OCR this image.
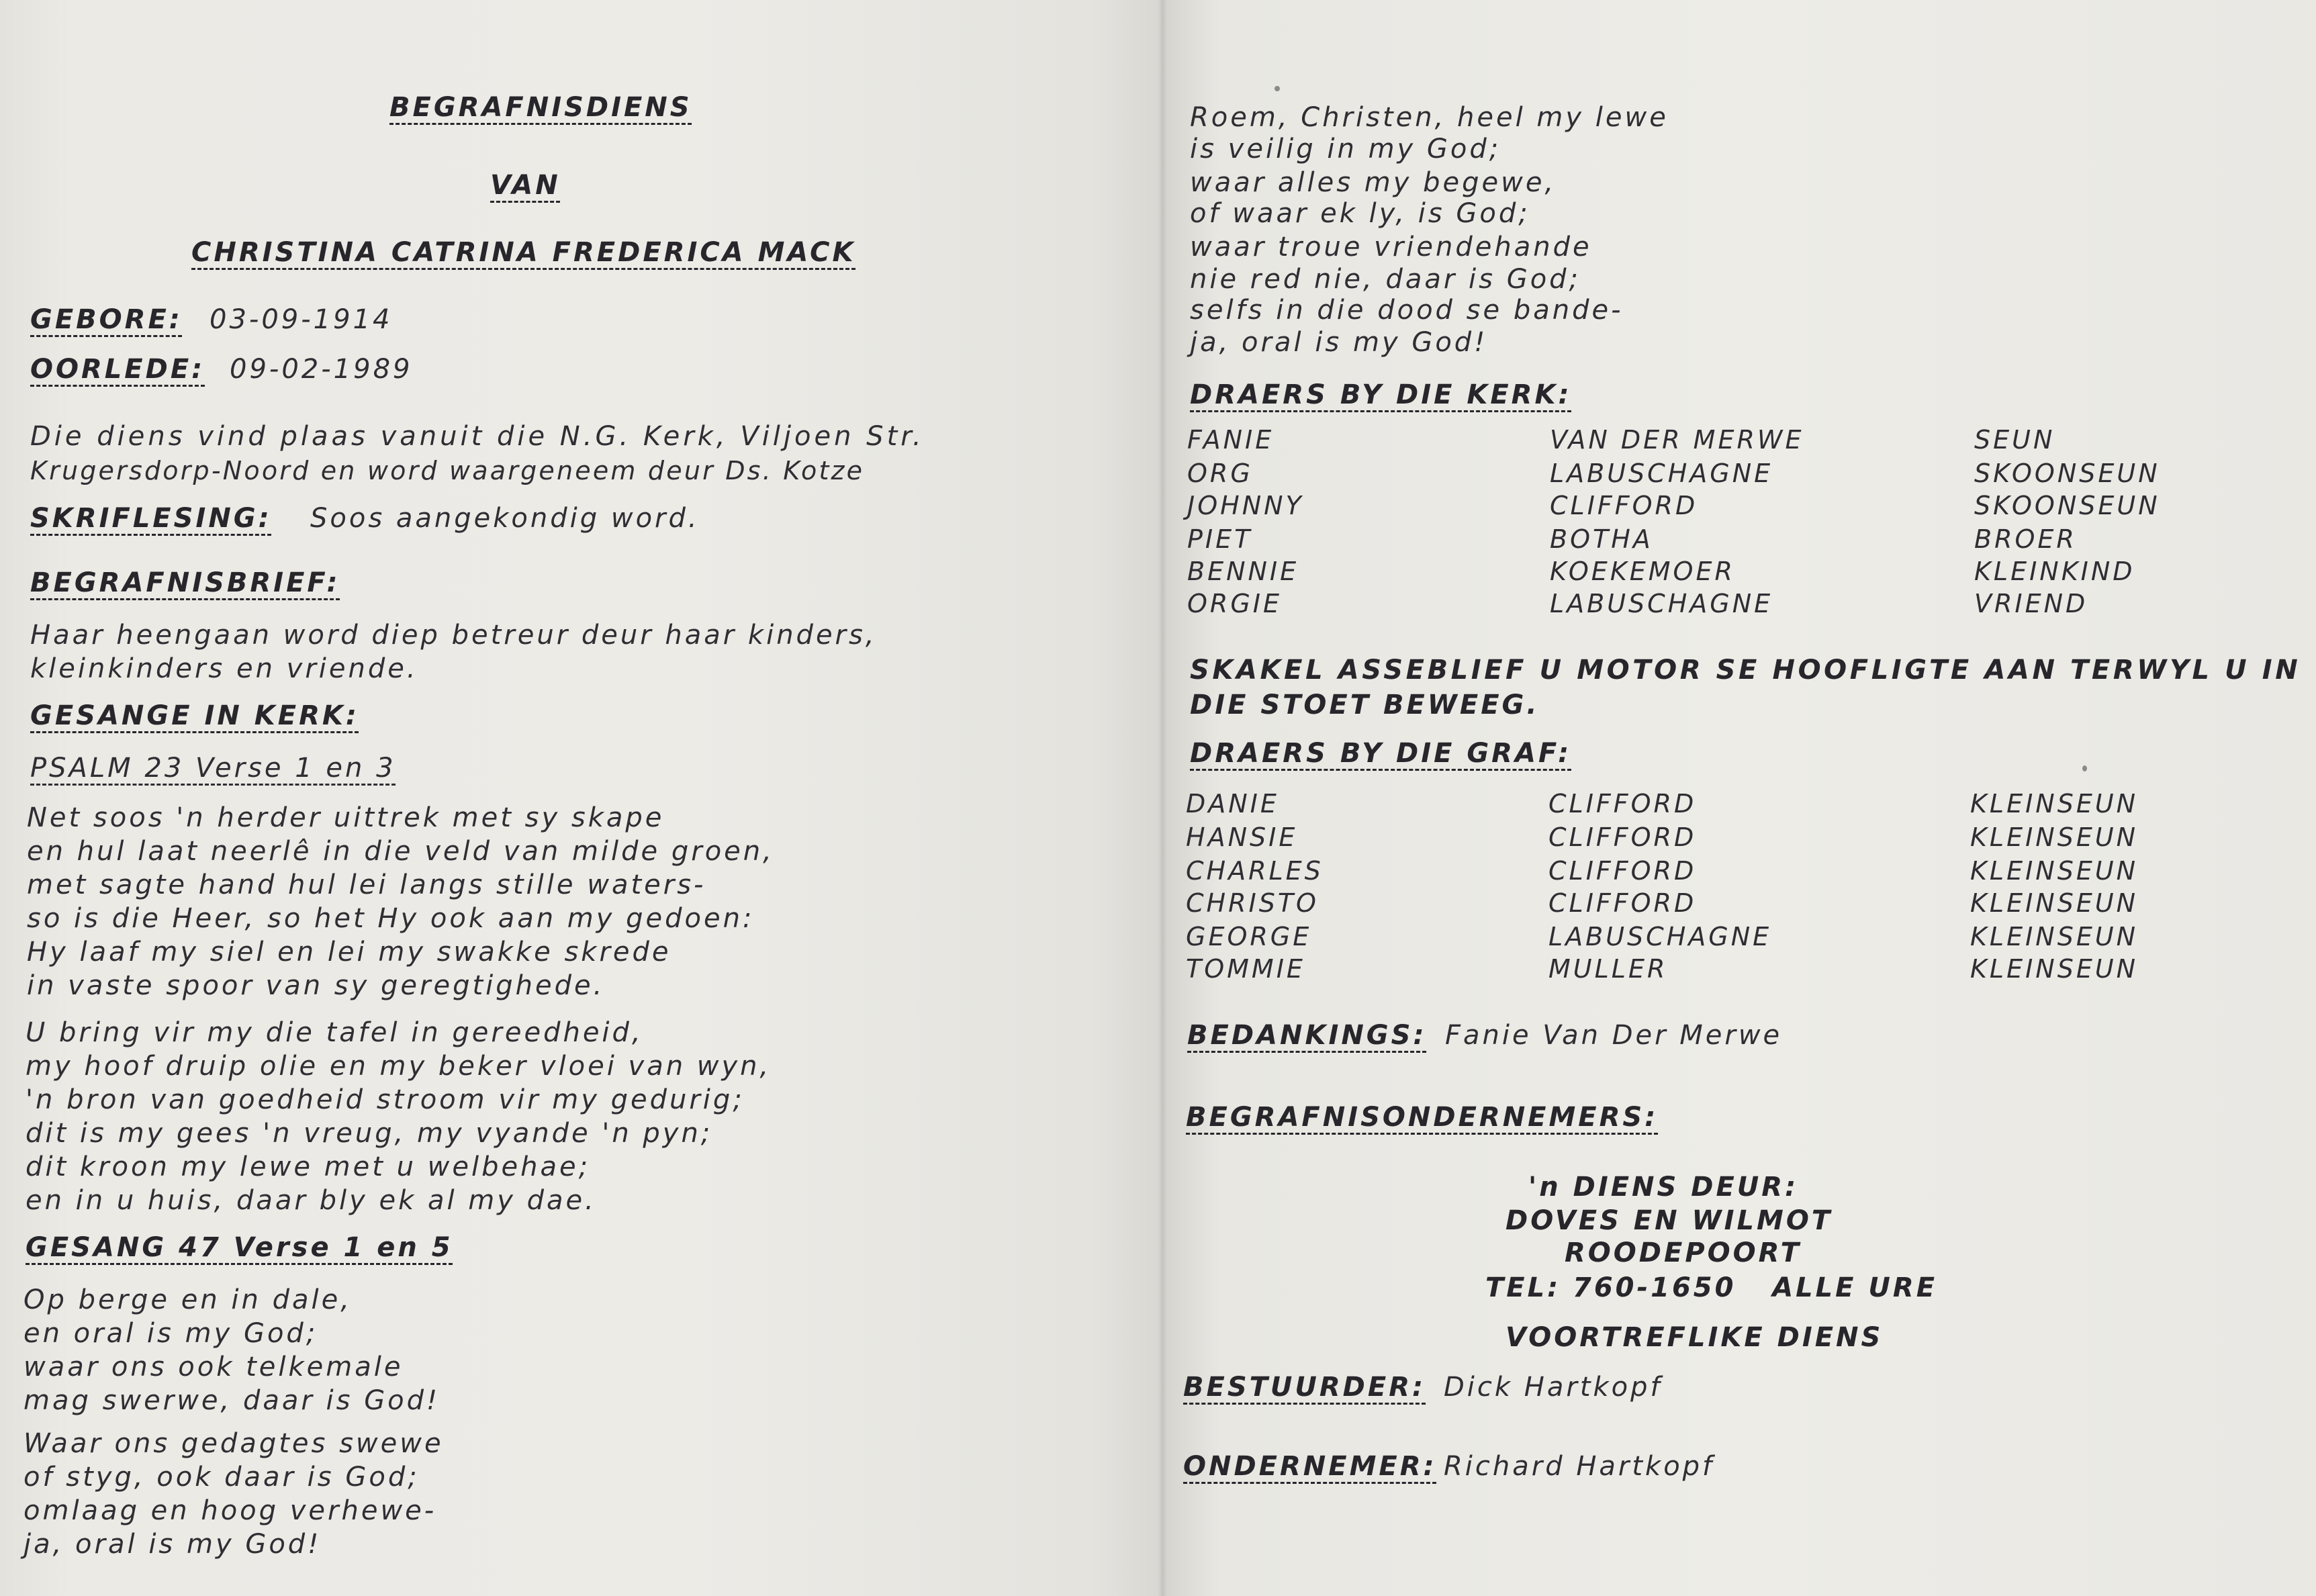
BEGRAFNISDIENS
VAN
CHRISTINA CATRINA FREDERICA MACK
GEBORE: 03-09-1914
OORLEDE: 09-02-1989
Die diens vind plaas vanuit die N.G. Kerk, Viljoen Str.
Krugersdorp-Noord en word waargeneem deur Ds. Kotze
SKRIFLESING: Soos aangekondig word.
BEGRAFNISBRIEF:
Haar heengaan word diep betreur deur haar kinders,
kleinkinders en vriende.
GESANGE IN KERK:
PSALM 23 Verse 1 en 3
Net soos 'n herder uittrek met sy skape
en hul laat neerlê in die veld van milde groen,
met sagte hand hul lei langs stille waters-
so is die Heer, so het Hy ook aan my gedoen:
Hy laaf my siel en lei my swakke skrede
in vaste spoor van sy geregtighede.
U bring vir my die tafel in gereedheid,
my hoof druip olie en my beker vloei van wyn,
'n bron van goedheid stroom vir my gedurig;
dit is my gees 'n vreug, my vyande 'n pyn;
dit kroon my lewe met u welbehae;
en in u huis, daar bly ek al my dae.
GESANG 47 Verse 1 en 5
Op berge en in dale,
en oral is my God;
waar ons ook telkemale
mag swerwe, daar is God!
Waar ons gedagtes swewe
of styg, ook daar is God;
omlaag en hoog verhewe-
ja, oral is my God!
Roem, Christen, heel my lewe
is veilig in my God;
waar alles my begewe,
of waar ek ly, is God;
waar troue vriendehande
nie red nie, daar is God;
selfs in die dood se bande-
ja, oral is my God!
DRAERS BY DIE KERK:
FANIE	VAN DER MERWE	SEUN
ORG	LABUSCHAGNE	SKOONSEUN
JOHNNY	CLIFFORD	SKOONSEUN
PIET	BOTHA	BROER
BENNIE	KOEKEMOER	KLEINKIND
ORGIE	LABUSCHAGNE	VRIEND
SKAKEL ASSEBLIEF U MOTOR SE HOOFLIGTE AAN TERWYL U IN
DIE STOET BEWEEG.
DRAERS BY DIE GRAF:
DANIE	CLIFFORD	KLEINSEUN
HANSIE	CLIFFORD	KLEINSEUN
CHARLES	CLIFFORD	KLEINSEUN
CHRISTO	CLIFFORD	KLEINSEUN
GEORGE	LABUSCHAGNE	KLEINSEUN
TOMMIE	MULLER	KLEINSEUN
BEDANKINGS: Fanie Van Der Merwe
BEGRAFNISONDERNEMERS:
'n DIENS DEUR:
DOVES EN WILMOT
ROODEPOORT
TEL: 760-1650   ALLE URE
VOORTREFLIKE DIENS
BESTUURDER: Dick Hartkopf
ONDERNEMER: Richard Hartkopf
